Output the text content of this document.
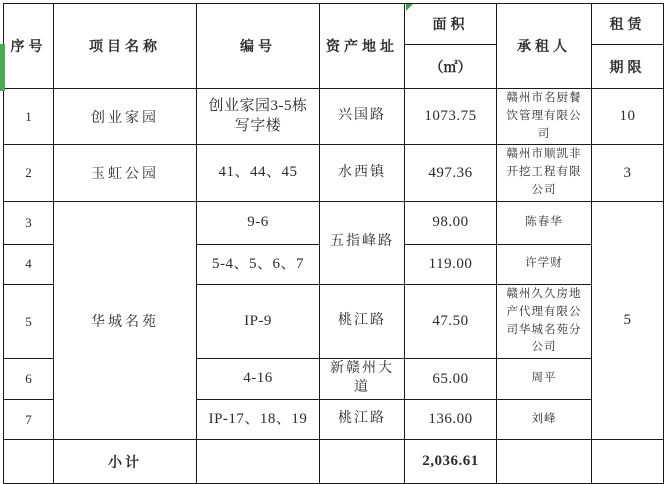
序号	项目名称	编号	资产地址	面积	承租人	租赁
				（㎡）		期限
1	创业家园	创业家园3-5栋写字楼	兴国路	1073.75	赣州市名厨餐饮管理有限公司	10
2	玉虹公园	41、44、45	水西镇	497.36	赣州市顺凯非开挖工程有限公司	3
3	华城名苑	9-6	五指峰路	98.00	陈春华	5
4		5-4、5、6、7		119.00	许学财	
5		IP-9	桃江路	47.50	赣州久久房地产代理有限公司华城名苑分公司	
6		4-16	新赣州大道	65.00	周平	
7		IP-17、18、19	桃江路	136.00	刘峰	
	小计			2,036.61		
